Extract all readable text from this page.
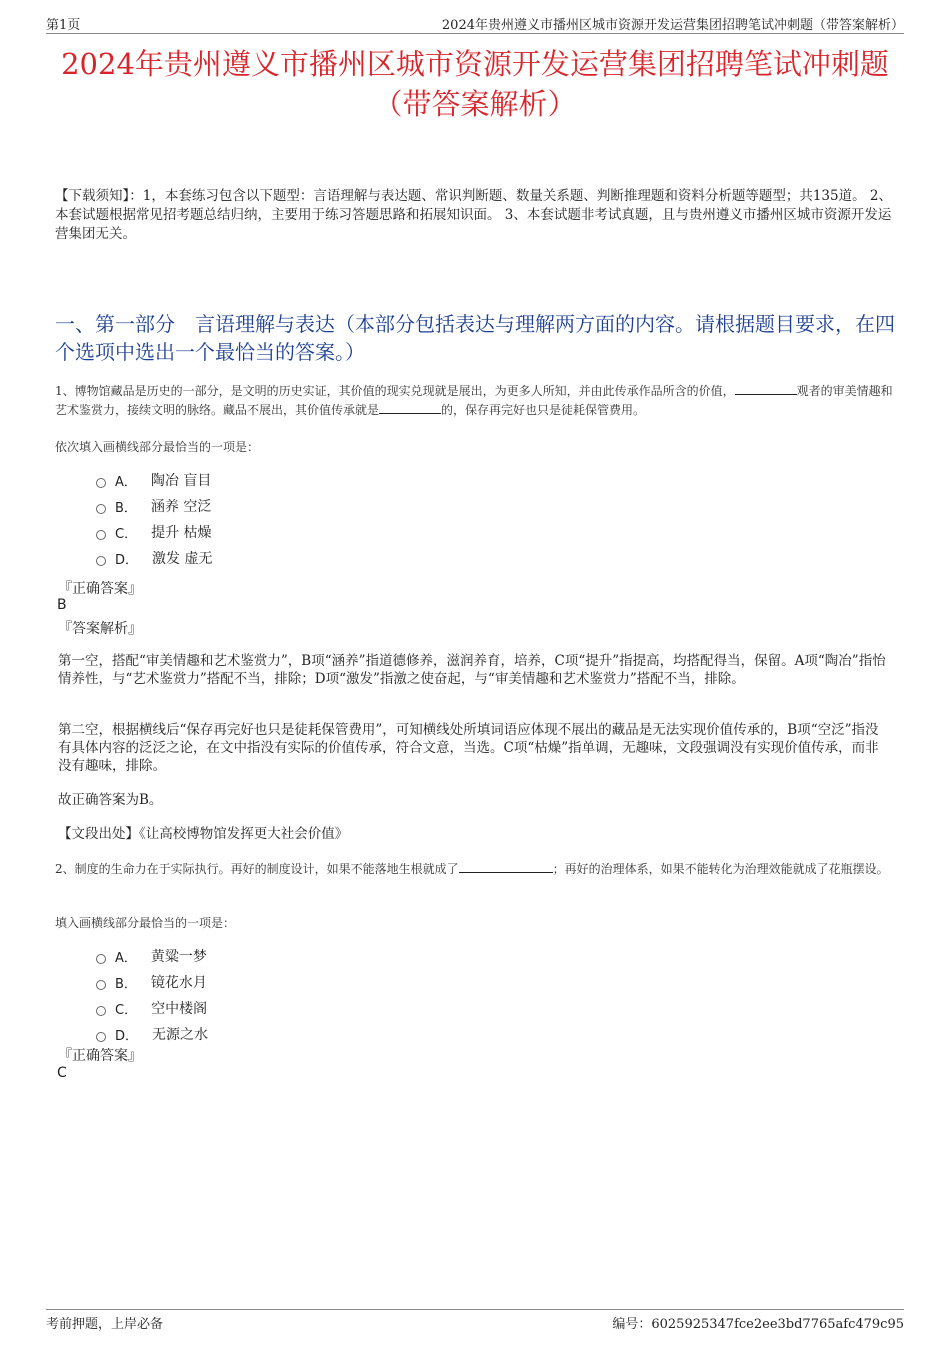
第1页	2024年贵州遵义市播州区城市资源开发运营集团招聘笔试冲刺题（带答案解析）
2024年贵州遵义市播州区城市资源开发运营集团招聘笔试冲刺题（带答案解析）
【下载须知】：1，本套练习包含以下题型：言语理解与表达题、常识判断题、数量关系题、判断推理题和资料分析题等题型；共135道。 2、本套试题根据常见招考题总结归纳，主要用于练习答题思路和拓展知识面。 3、本套试题非考试真题，且与贵州遵义市播州区城市资源开发运营集团无关。
一、第一部分　言语理解与表达（本部分包括表达与理解两方面的内容。请根据题目要求，在四个选项中选出一个最恰当的答案。）
1、博物馆藏品是历史的一部分，是文明的历史实证，其价值的现实兑现就是展出，为更多人所知，并由此传承作品所含的价值，	观者的审美情趣和艺术鉴赏力，接续文明的脉络。藏品不展出，其价值传承就是	的，保存再完好也只是徒耗保管费用。
依次填入画横线部分最恰当的一项是：
A． 陶冶 盲目
B． 涵养 空泛
C． 提升 枯燥
D． 激发 虚无
『正确答案』
B
『答案解析』
第一空，搭配“审美情趣和艺术鉴赏力”，B项“涵养”指道德修养，滋润养育，培养，C项“提升”指提高，均搭配得当，保留。A项“陶冶”指怡情养性，与“艺术鉴赏力”搭配不当，排除；D项“激发”指激之使奋起，与“审美情趣和艺术鉴赏力”搭配不当，排除。
第二空，根据横线后“保存再完好也只是徒耗保管费用”，可知横线处所填词语应体现不展出的藏品是无法实现价值传承的，B项“空泛”指没有具体内容的泛泛之论，在文中指没有实际的价值传承，符合文意，当选。C项“枯燥”指单调，无趣味，文段强调没有实现价值传承，而非没有趣味，排除。
故正确答案为B。
【文段出处】《让高校博物馆发挥更大社会价值》
2、制度的生命力在于实际执行。再好的制度设计，如果不能落地生根就成了	；再好的治理体系，如果不能转化为治理效能就成了花瓶摆设。
填入画横线部分最恰当的一项是：
A． 黄粱一梦
B． 镜花水月
C． 空中楼阁
D． 无源之水
『正确答案』
C
考前押题，上岸必备	编号：6025925347fce2ee3bd7765afc479c95
